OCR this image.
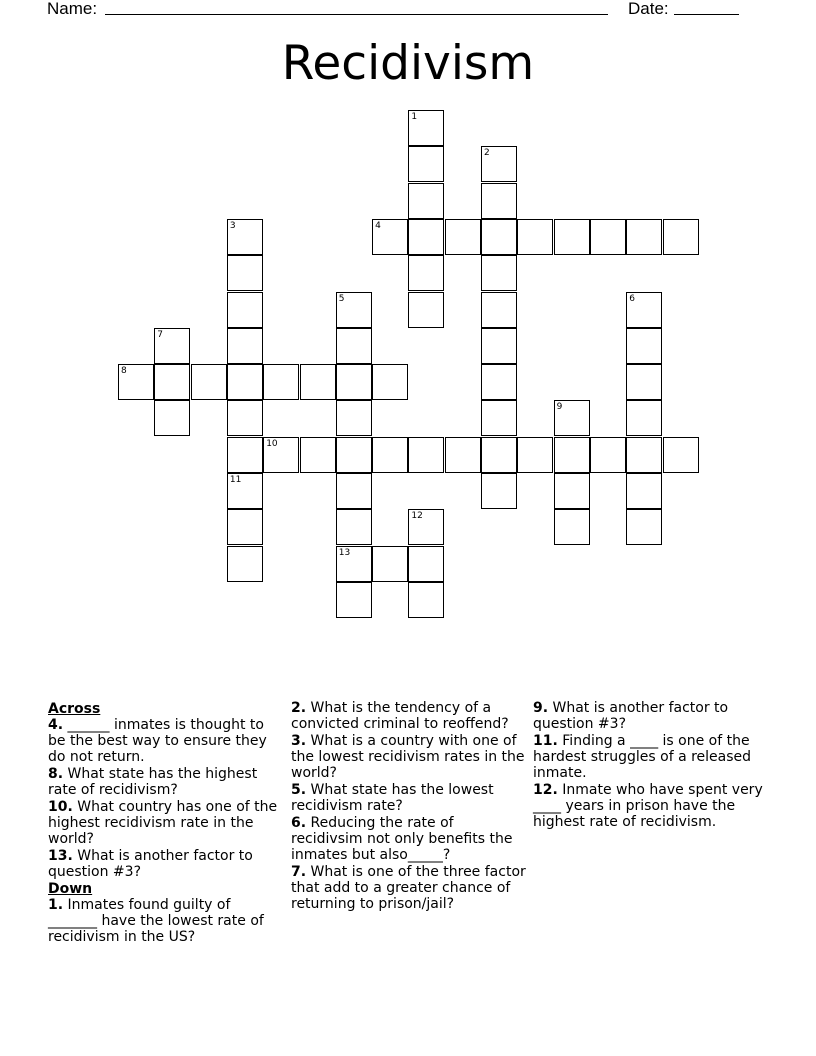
Name:	Date:
Recidivism
1
2
3	4
5	6
7
8
9
10
11
12
13
Across
4. ______ inmates is thought to be the best way to ensure they do not return.
8. What state has the highest rate of recidivism?
10. What country has one of the highest recidivism rate in the world?
13. What is another factor to question #3?
Down
1. Inmates found guilty of _______ have the lowest rate of recidivism in the US?
2. What is the tendency of a convicted criminal to reoffend?
3. What is a country with one of the lowest recidivism rates in the world?
5. What state has the lowest recidivism rate?
6. Reducing the rate of recidivsim not only benefits the inmates but also_____?
7. What is one of the three factor that add to a greater chance of returning to prison/jail?
9. What is another factor to question #3?
11. Finding a ____ is one of the hardest struggles of a released inmate.
12. Inmate who have spent very ____ years in prison have the highest rate of recidivism.
